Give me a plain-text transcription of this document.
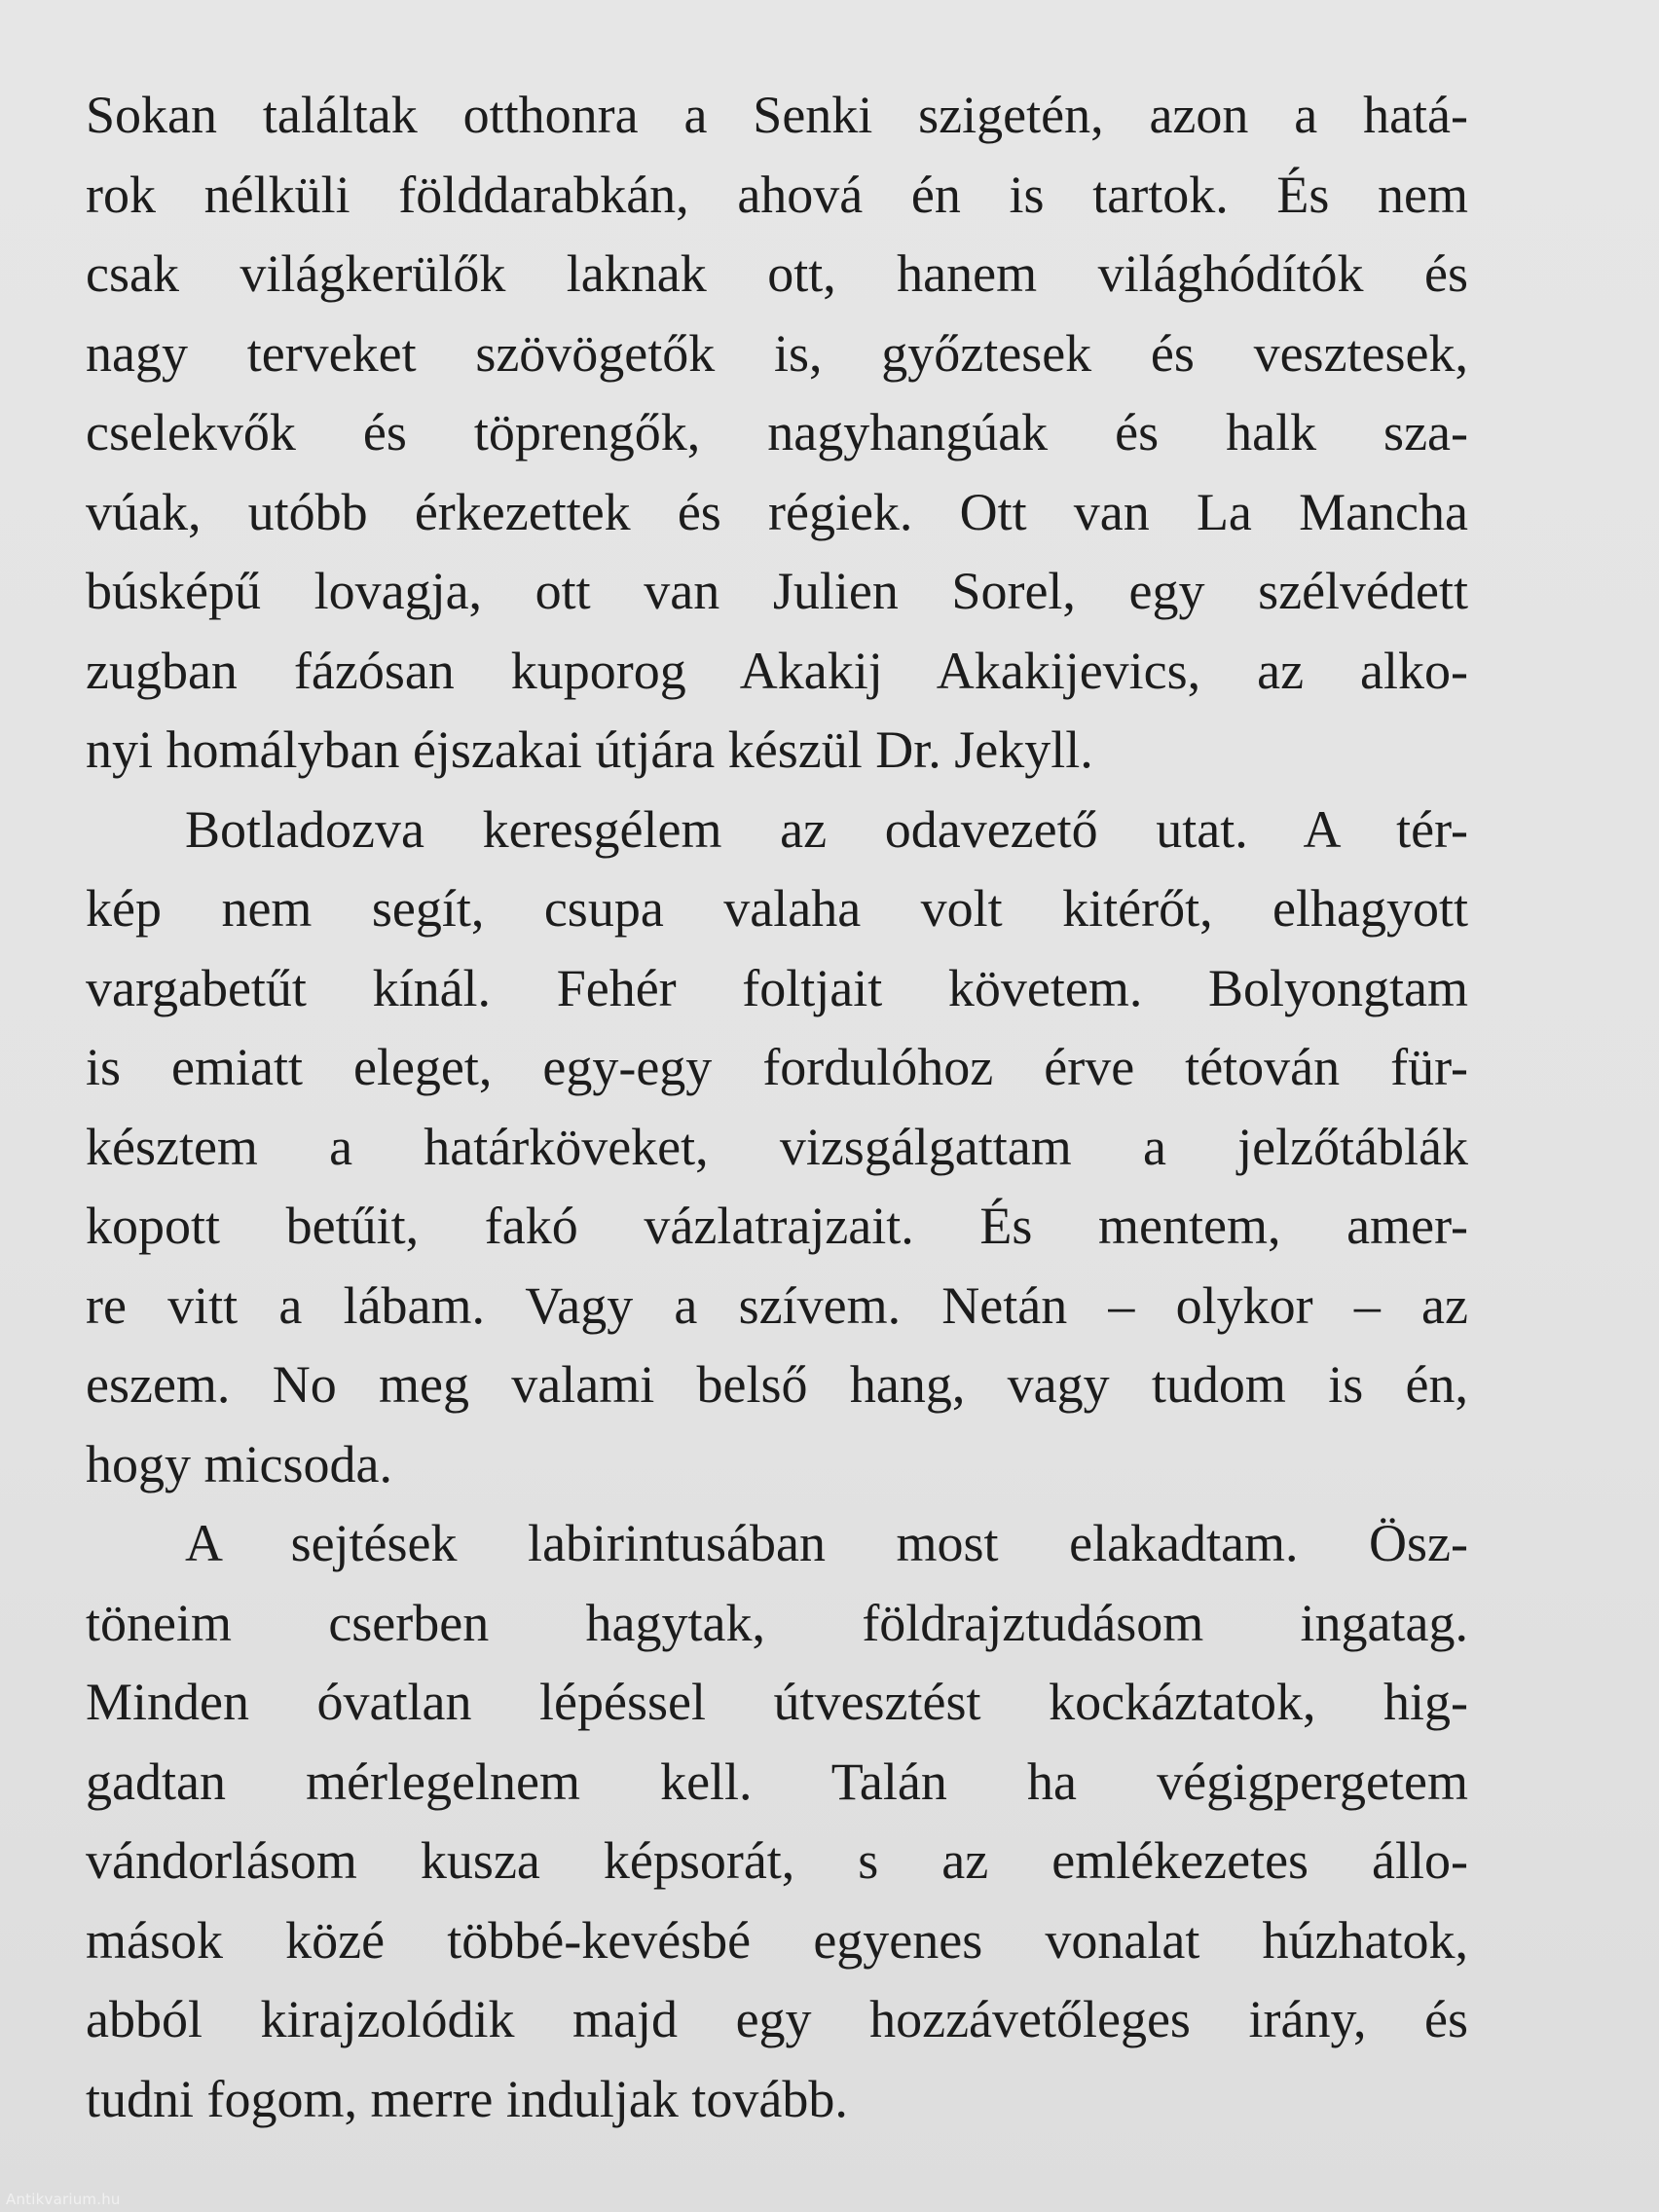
Sokan találtak otthonra a Senki szigetén, azon a hatá-
rok nélküli földdarabkán, ahová én is tartok. És nem
csak világkerülők laknak ott, hanem világhódítók és
nagy terveket szövögetők is, győztesek és vesztesek,
cselekvők és töprengők, nagyhangúak és halk sza-
vúak, utóbb érkezettek és régiek. Ott van La Mancha
búsképű lovagja, ott van Julien Sorel, egy szélvédett
zugban fázósan kuporog Akakij Akakijevics, az alko-
nyi homályban éjszakai útjára készül Dr. Jekyll.
Botladozva keresgélem az odavezető utat. A tér-
kép nem segít, csupa valaha volt kitérőt, elhagyott
vargabetűt kínál. Fehér foltjait követem. Bolyongtam
is emiatt eleget, egy-egy fordulóhoz érve tétován für-
késztem a határköveket, vizsgálgattam a jelzőtáblák
kopott betűit, fakó vázlatrajzait. És mentem, amer-
re vitt a lábam. Vagy a szívem. Netán – olykor – az
eszem. No meg valami belső hang, vagy tudom is én,
hogy micsoda.
A sejtések labirintusában most elakadtam. Ösz-
töneim cserben hagytak, földrajztudásom ingatag.
Minden óvatlan lépéssel útvesztést kockáztatok, hig-
gadtan mérlegelnem kell. Talán ha végigpergetem
vándorlásom kusza képsorát, s az emlékezetes állo-
mások közé többé-kevésbé egyenes vonalat húzhatok,
abból kirajzolódik majd egy hozzávetőleges irány, és
tudni fogom, merre induljak tovább.
Antikvarium.hu
